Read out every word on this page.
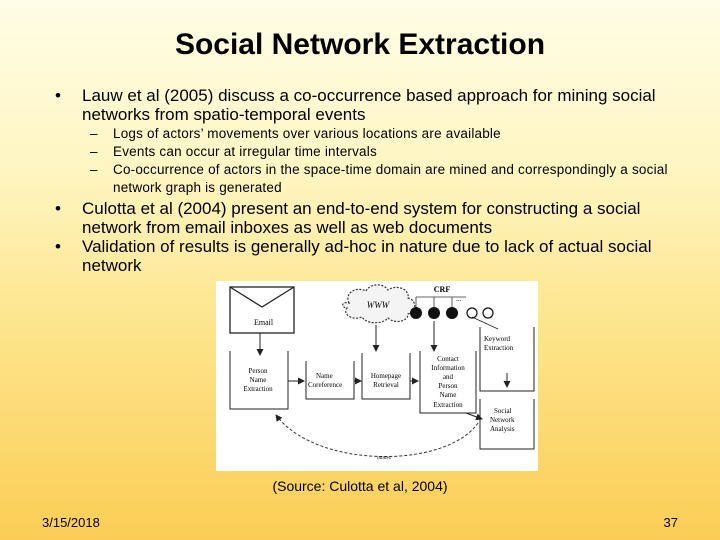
Social Network Extraction
• Lauw et al (2005) discuss a co-occurrence based approach for mining social networks from spatio-temporal events
– Logs of actors’ movements over various locations are available
– Events can occur at irregular time intervals
– Co-occurrence of actors in the space-time domain are mined and correspondingly a social network graph is generated
• Culotta et al (2004) present an end-to-end system for constructing a social network from email inboxes as well as web documents
• Validation of results is generally ad-hoc in nature due to lack of actual social network
WWW
CRF
...
Email
Person
Name
Extraction
Name
Coreference
Homepage
Retrieval
Contact
Information
and
Person
Name
Extraction
Keyword
Extraction
Social
Network
Analysis
names
(Source: Culotta et al, 2004)
3/15/2018	37
